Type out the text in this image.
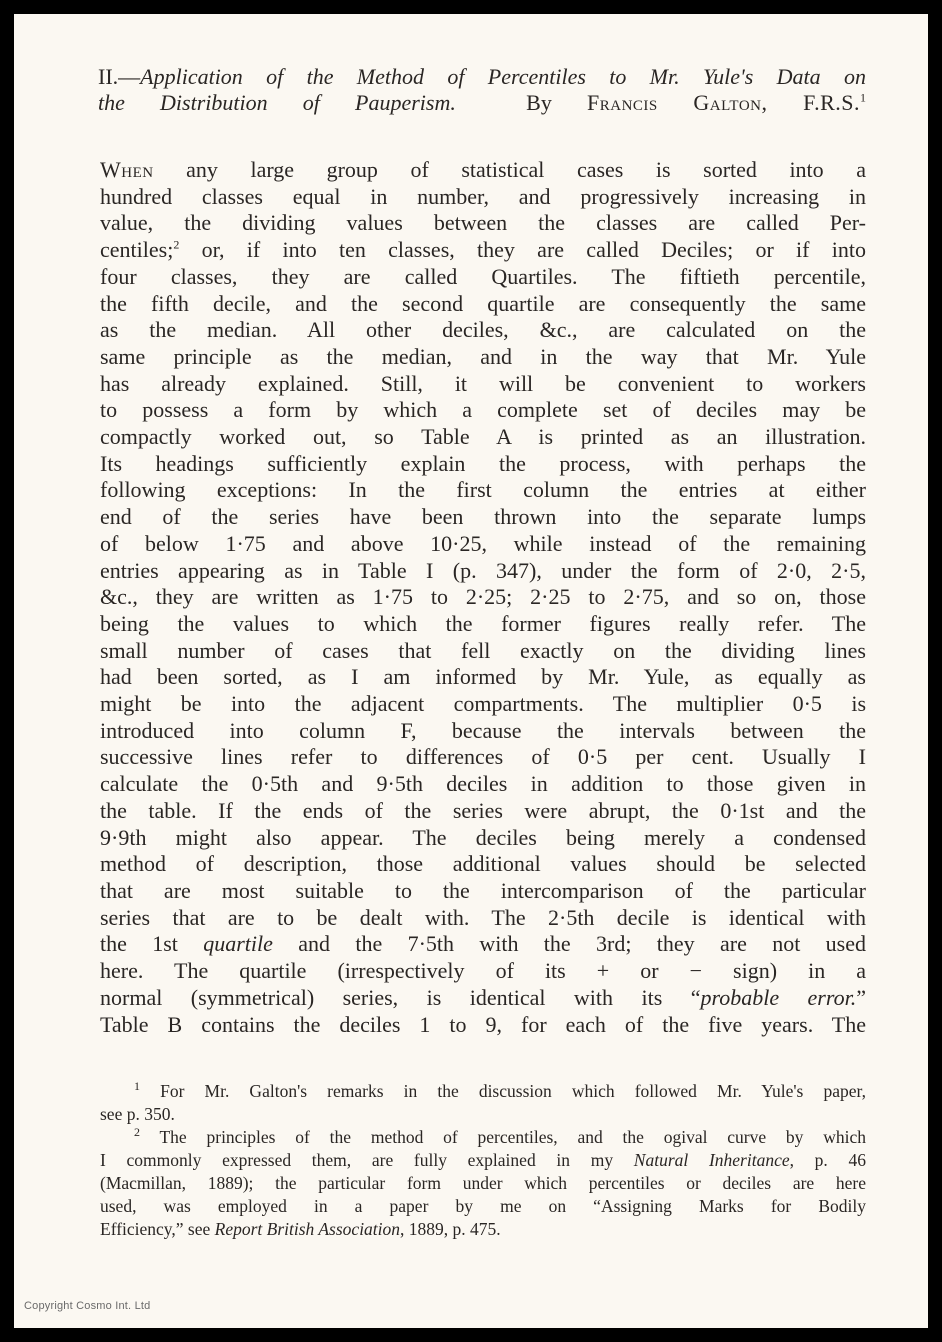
II.—Application of the Method of Percentiles to Mr. Yule's Data on
the Distribution of Pauperism.	By Francis Galton, F.R.S.$^1$
When any large group of statistical cases is sorted into a
hundred classes equal in number, and progressively increasing in
value, the dividing values between the classes are called Per-
centiles;$^2$ or, if into ten classes, they are called Deciles; or if into
four classes, they are called Quartiles. The fiftieth percentile,
the fifth decile, and the second quartile are consequently the same
as the median. All other deciles, &c., are calculated on the
same principle as the median, and in the way that Mr. Yule
has already explained. Still, it will be convenient to workers
to possess a form by which a complete set of deciles may be
compactly worked out, so Table A is printed as an illustration.
Its headings sufficiently explain the process, with perhaps the
following exceptions: In the first column the entries at either
end of the series have been thrown into the separate lumps
of below 1·75 and above 10·25, while instead of the remaining
entries appearing as in Table I (p. 347), under the form of 2·0, 2·5,
&c., they are written as 1·75 to 2·25; 2·25 to 2·75, and so on, those
being the values to which the former figures really refer. The
small number of cases that fell exactly on the dividing lines
had been sorted, as I am informed by Mr. Yule, as equally as
might be into the adjacent compartments. The multiplier 0·5 is
introduced into column F, because the intervals between the
successive lines refer to differences of 0·5 per cent. Usually I
calculate the 0·5th and 9·5th deciles in addition to those given in
the table. If the ends of the series were abrupt, the 0·1st and the
9·9th might also appear. The deciles being merely a condensed
method of description, those additional values should be selected
that are most suitable to the intercomparison of the particular
series that are to be dealt with. The 2·5th decile is identical with
the 1st quartile and the 7·5th with the 3rd; they are not used
here. The quartile (irrespectively of its + or − sign) in a
normal (symmetrical) series, is identical with its “probable error.”
Table B contains the deciles 1 to 9, for each of the five years. The
$^1$ For Mr. Galton's remarks in the discussion which followed Mr. Yule's paper,
see p. 350.
$^2$ The principles of the method of percentiles, and the ogival curve by which
I commonly expressed them, are fully explained in my Natural Inheritance, p. 46
(Macmillan, 1889); the particular form under which percentiles or deciles are here
used, was employed in a paper by me on “Assigning Marks for Bodily
Efficiency,” see Report British Association, 1889, p. 475.
Copyright Cosmo Int. Ltd
